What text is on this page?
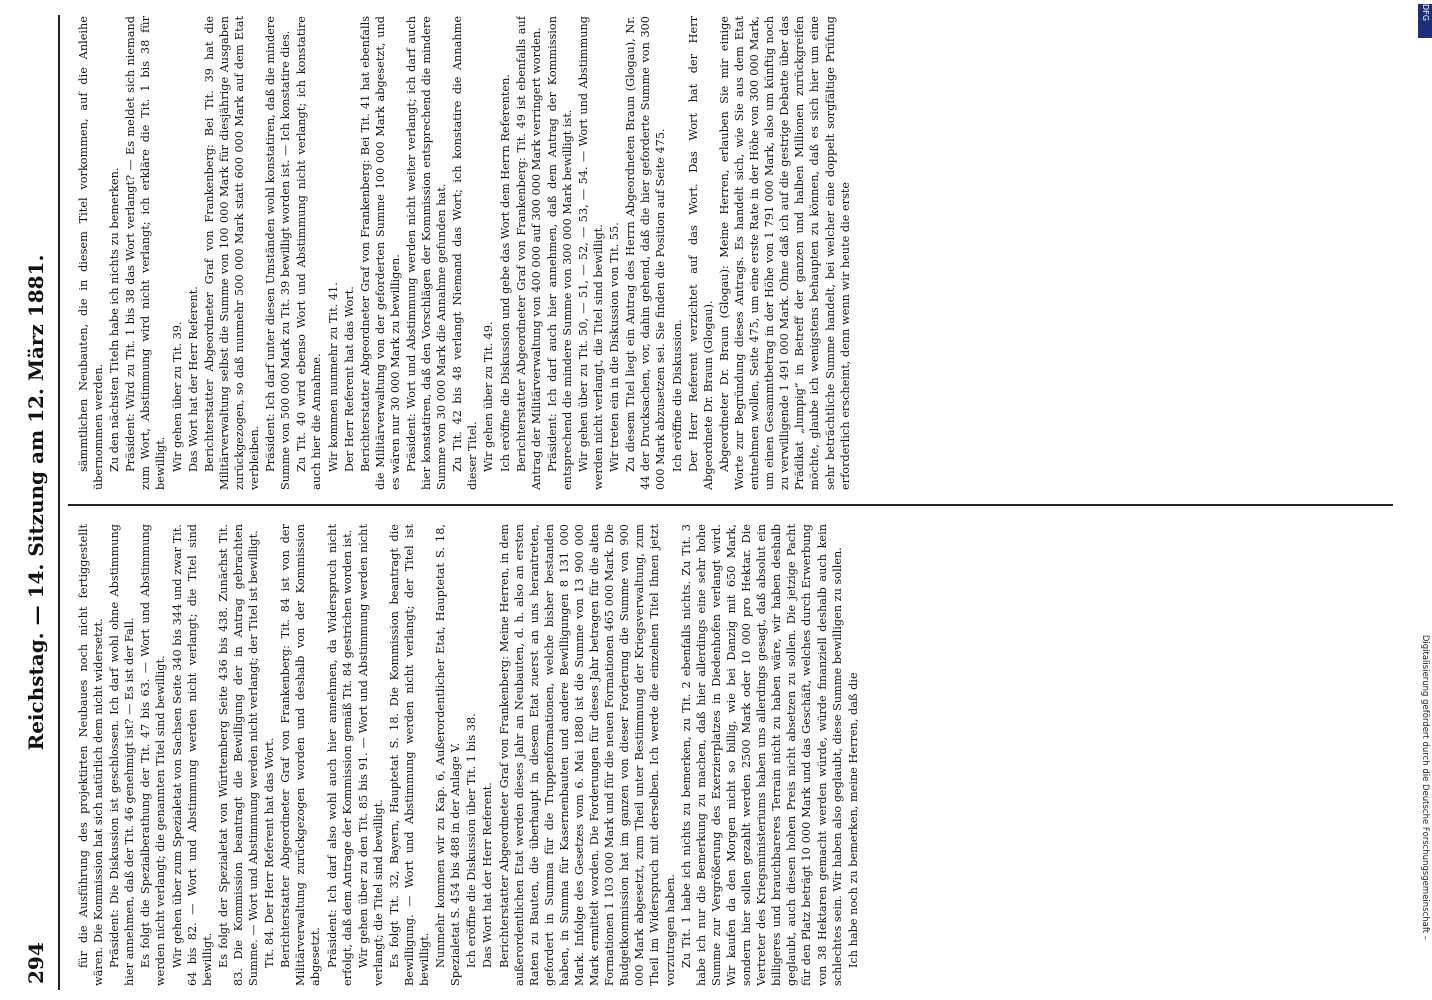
294
Reichstag. — 14. Sitzung am 12. März 1881.	für die Ausführung des projektirten Neubaues noch nicht fertiggestellt wären. Die Kommission hat sich natürlich dem nicht widersetzt. Präsident: Die Diskussion ist geschlossen. Ich darf wohl ohne Abstimmung hier annehmen, daß der Tit. 46 genehmigt ist? — Es ist der Fall. Es folgt die Spezialberathung der Tit. 47 bis 63. — Wort und Abstimmung werden nicht verlangt; die genannten Titel sind bewilligt. Wir gehen über zum Spezialetat von Sachsen Seite 340 bis 344 und zwar Tit. 64 bis 82. — Wort und Abstimmung werden nicht verlangt; die Titel sind bewilligt. Es folgt der Spezialetat von Württemberg Seite 436 bis 438. Zunächst Tit. 83. Die Kommission beantragt die Bewilligung der in Antrag gebrachten Summe. — Wort und Abstimmung werden nicht verlangt; der Titel ist bewilligt. Tit. 84. Der Herr Referent hat das Wort. Berichterstatter Abgeordneter Graf von Frankenberg: Tit. 84 ist von der Militärverwaltung zurückgezogen worden und deshalb von der Kommission abgesetzt. Präsident: Ich darf also wohl auch hier annehmen, da Widerspruch nicht erfolgt, daß dem Antrage der Kommission gemäß Tit. 84 gestrichen worden ist. Wir gehen über zu den Tit. 85 bis 91. — Wort und Abstimmung werden nicht verlangt; die Titel sind bewilligt. Es folgt Tit. 32, Bayern, Hauptetat S. 18. Die Kommission beantragt die Bewilligung. — Wort und Abstimmung werden nicht verlangt; der Titel ist bewilligt. Nunmehr kommen wir zu Kap. 6, Außerordentlicher Etat, Hauptetat S. 18, Spezialetat S. 454 bis 488 in der Anlage V. Ich eröffne die Diskussion über Tit. 1 bis 38. Das Wort hat der Herr Referent. Berichterstatter Abgeordneter Graf von Frankenberg: Meine Herren, in dem außerordentlichen Etat werden dieses Jahr an Neubauten, d. h. also an ersten Raten zu Bauten, die überhaupt in diesem Etat zuerst an uns herantreten, gefordert in Summa für die Truppenformationen, welche bisher bestanden haben, in Summa für Kasernenbauten und andere Bewilligungen 8 131 000 Mark. Infolge des Gesetzes vom 6. Mai 1880 ist die Summe von 13 900 000 Mark ermittelt worden. Die Forderungen für dieses Jahr betragen für die alten Formationen 1 103 000 Mark und für die neuen Formationen 465 000 Mark. Die Budgetkommission hat im ganzen von dieser Forderung die Summe von 900 000 Mark abgesetzt, zum Theil unter Bestimmung der Kriegsverwaltung, zum Theil im Widerspruch mit derselben. Ich werde die einzelnen Titel Ihnen jetzt vorzutragen haben. Zu Tit. 1 habe ich nichts zu bemerken, zu Tit. 2 ebenfalls nichts. Zu Tit. 3 habe ich nur die Bemerkung zu machen, daß hier allerdings eine sehr hohe Summe zur Vergrößerung des Exerzierplatzes in Diedenhofen verlangt wird. Wir kaufen da den Morgen nicht so billig, wie bei Danzig mit 650 Mark, sondern hier sollen gezahlt werden 2500 Mark oder 10 000 pro Hektar. Die Vertreter des Kriegsministeriums haben uns allerdings gesagt, daß absolut ein billigeres und brauchbareres Terrain nicht zu haben wäre, wir haben deshalb geglaubt, auch diesen hohen Preis nicht absetzen zu sollen. Die jetzige Pacht für den Platz beträgt 10 000 Mark und das Geschäft, welches durch Erwerbung von 38 Hektaren gemacht werden würde, würde finanziell deshalb auch kein schlechtes sein. Wir haben also geglaubt, diese Summe bewilligen zu sollen. Ich habe noch zu bemerken, meine Herren, daß die

sämmtlichen Neubauten, die in diesem Titel vorkommen, auf die Anleihe übernommen werden. Zu den nächsten Titeln habe ich nichts zu bemerken. Präsident: Wird zu Tit. 1 bis 38 das Wort verlangt? — Es meldet sich niemand zum Wort, Abstimmung wird nicht verlangt; ich erkläre die Tit. 1 bis 38 für bewilligt. Wir gehen über zu Tit. 39. Das Wort hat der Herr Referent. Berichterstatter Abgeordneter Graf von Frankenberg: Bei Tit. 39 hat die Militärverwaltung selbst die Summe von 100 000 Mark für diesjährige Ausgaben zurückgezogen, so daß nunmehr 500 000 Mark statt 600 000 Mark auf dem Etat verbleiben. Präsident: Ich darf unter diesen Umständen wohl konstatiren, daß die mindere Summe von 500 000 Mark zu Tit. 39 bewilligt worden ist. — Ich konstatire dies. Zu Tit. 40 wird ebenso Wort und Abstimmung nicht verlangt; ich konstatire auch hier die Annahme. Wir kommen nunmehr zu Tit. 41. Der Herr Referent hat das Wort. Berichterstatter Abgeordneter Graf von Frankenberg: Bei Tit. 41 hat ebenfalls die Militärverwaltung von der geforderten Summe 100 000 Mark abgesetzt, und es wären nur 30 000 Mark zu bewilligen. Präsident: Wort und Abstimmung werden nicht weiter verlangt; ich darf auch hier konstatiren, daß den Vorschlägen der Kommission entsprechend die mindere Summe von 30 000 Mark die Annahme gefunden hat. Zu Tit. 42 bis 48 verlangt Niemand das Wort; ich konstatire die Annahme dieser Titel. Wir gehen über zu Tit. 49. Ich eröffne die Diskussion und gebe das Wort dem Herrn Referenten. Berichterstatter Abgeordneter Graf von Frankenberg: Tit. 49 ist ebenfalls auf Antrag der Militärverwaltung von 400 000 auf 300 000 Mark verringert worden. Präsident: Ich darf auch hier annehmen, daß dem Antrag der Kommission entsprechend die mindere Summe von 300 000 Mark bewilligt ist. Wir gehen über zu Tit. 50, — 51, — 52, — 53, — 54. — Wort und Abstimmung werden nicht verlangt, die Titel sind bewilligt. Wir treten ein in die Diskussion von Tit. 55. Zu diesem Titel liegt ein Antrag des Herrn Abgeordneten Braun (Glogau), Nr. 44 der Drucksachen, vor, dahin gehend, daß die hier geforderte Summe von 300 000 Mark abzusetzen sei. Sie finden die Position auf Seite 475. Ich eröffne die Diskussion. Der Herr Referent verzichtet auf das Wort. Das Wort hat der Herr Abgeordnete Dr. Braun (Glogau). Abgeordneter Dr. Braun (Glogau): Meine Herren, erlauben Sie mir einige Worte zur Begründung dieses Antrags. Es handelt sich, wie Sie aus dem Etat entnehmen wollen, Seite 475, um eine erste Rate in der Höhe von 300 000 Mark, um einen Gesammtbetrag in der Höhe von 1 791 000 Mark, also um künftig noch zu verwilligende 1 491 000 Mark. Ohne daß ich auf die gestrige Debatte über das Prädikat „lumpig“ in Betreff der ganzen und halben Millionen zurückgreifen möchte, glaube ich wenigstens behaupten zu können, daß es sich hier um eine sehr beträchtliche Summe handelt, bei welcher eine doppelt sorgfältige Prüfung erforderlich erscheint, denn wenn wir heute die erste

DFG
Digitalisierung gefördert durch die Deutsche Forschungsgemeinschaft –
